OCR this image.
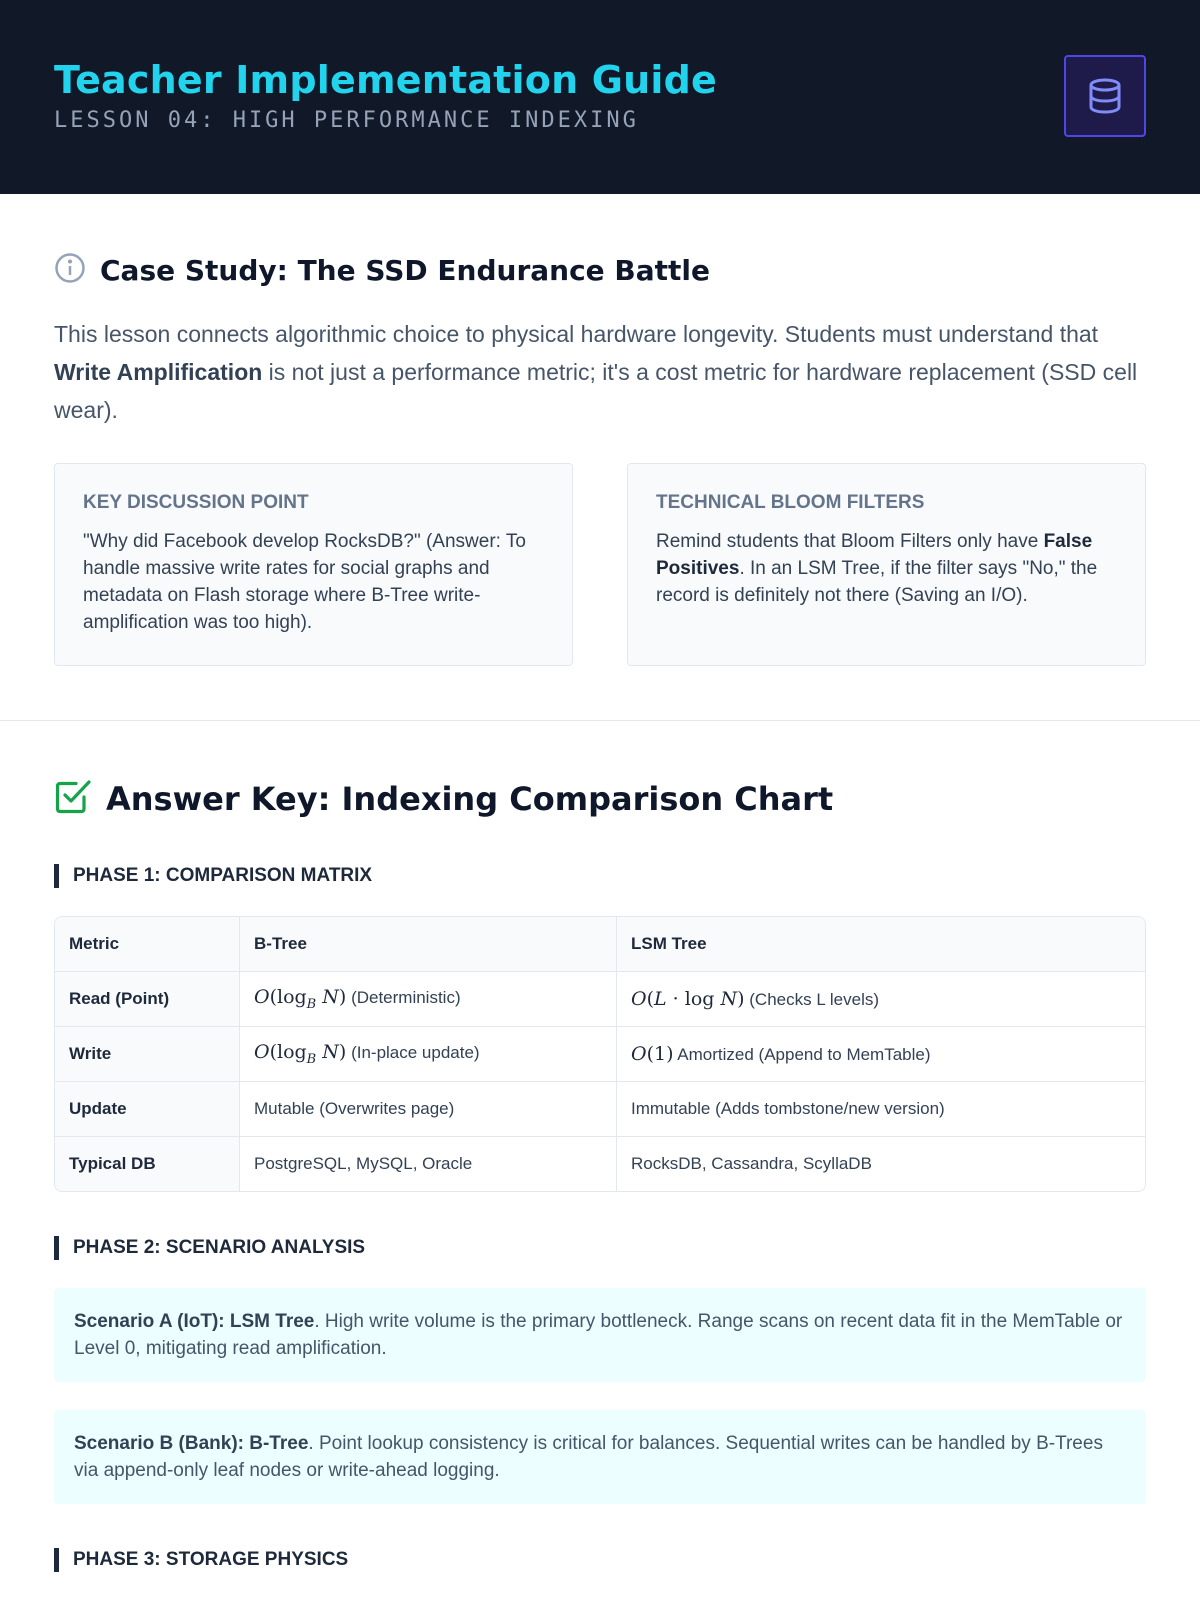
Teacher Implementation Guide
LESSON 04: HIGH PERFORMANCE INDEXING
Case Study: The SSD Endurance Battle

This lesson connects algorithmic choice to physical hardware longevity. Students must understand that Write Amplification is not just a performance metric; it's a cost metric for hardware replacement (SSD cell wear).

KEY DISCUSSION POINT

"Why did Facebook develop RocksDB?" (Answer: To handle massive write rates for social graphs and metadata on Flash storage where B-Tree write-amplification was too high).

TECHNICAL BLOOM FILTERS

Remind students that Bloom Filters only have False Positives. In an LSM Tree, if the filter says "No," the record is definitely not there (Saving an I/O).

Answer Key: Indexing Comparison Chart
PHASE 1: COMPARISON MATRIX
Metric	B-Tree	LSM Tree
Read (Point)	$O(\log_B$ N) (Deterministic)	O(L · log N) (Checks L levels)
Write	$O(\log_B$ N) (In-place update)	O(1) Amortized (Append to MemTable)
Update	Mutable (Overwrites page)	Immutable (Adds tombstone/new version)
Typical DB	PostgreSQL, MySQL, Oracle	RocksDB, Cassandra, ScyllaDB
PHASE 2: SCENARIO ANALYSIS
Scenario A (IoT): LSM Tree. High write volume is the primary bottleneck. Range scans on recent data fit in the MemTable or Level 0, mitigating read amplification.
Scenario B (Bank): B-Tree. Point lookup consistency is critical for balances. Sequential writes can be handled by B-Trees via append-only leaf nodes or write-ahead logging.
PHASE 3: STORAGE PHYSICS
